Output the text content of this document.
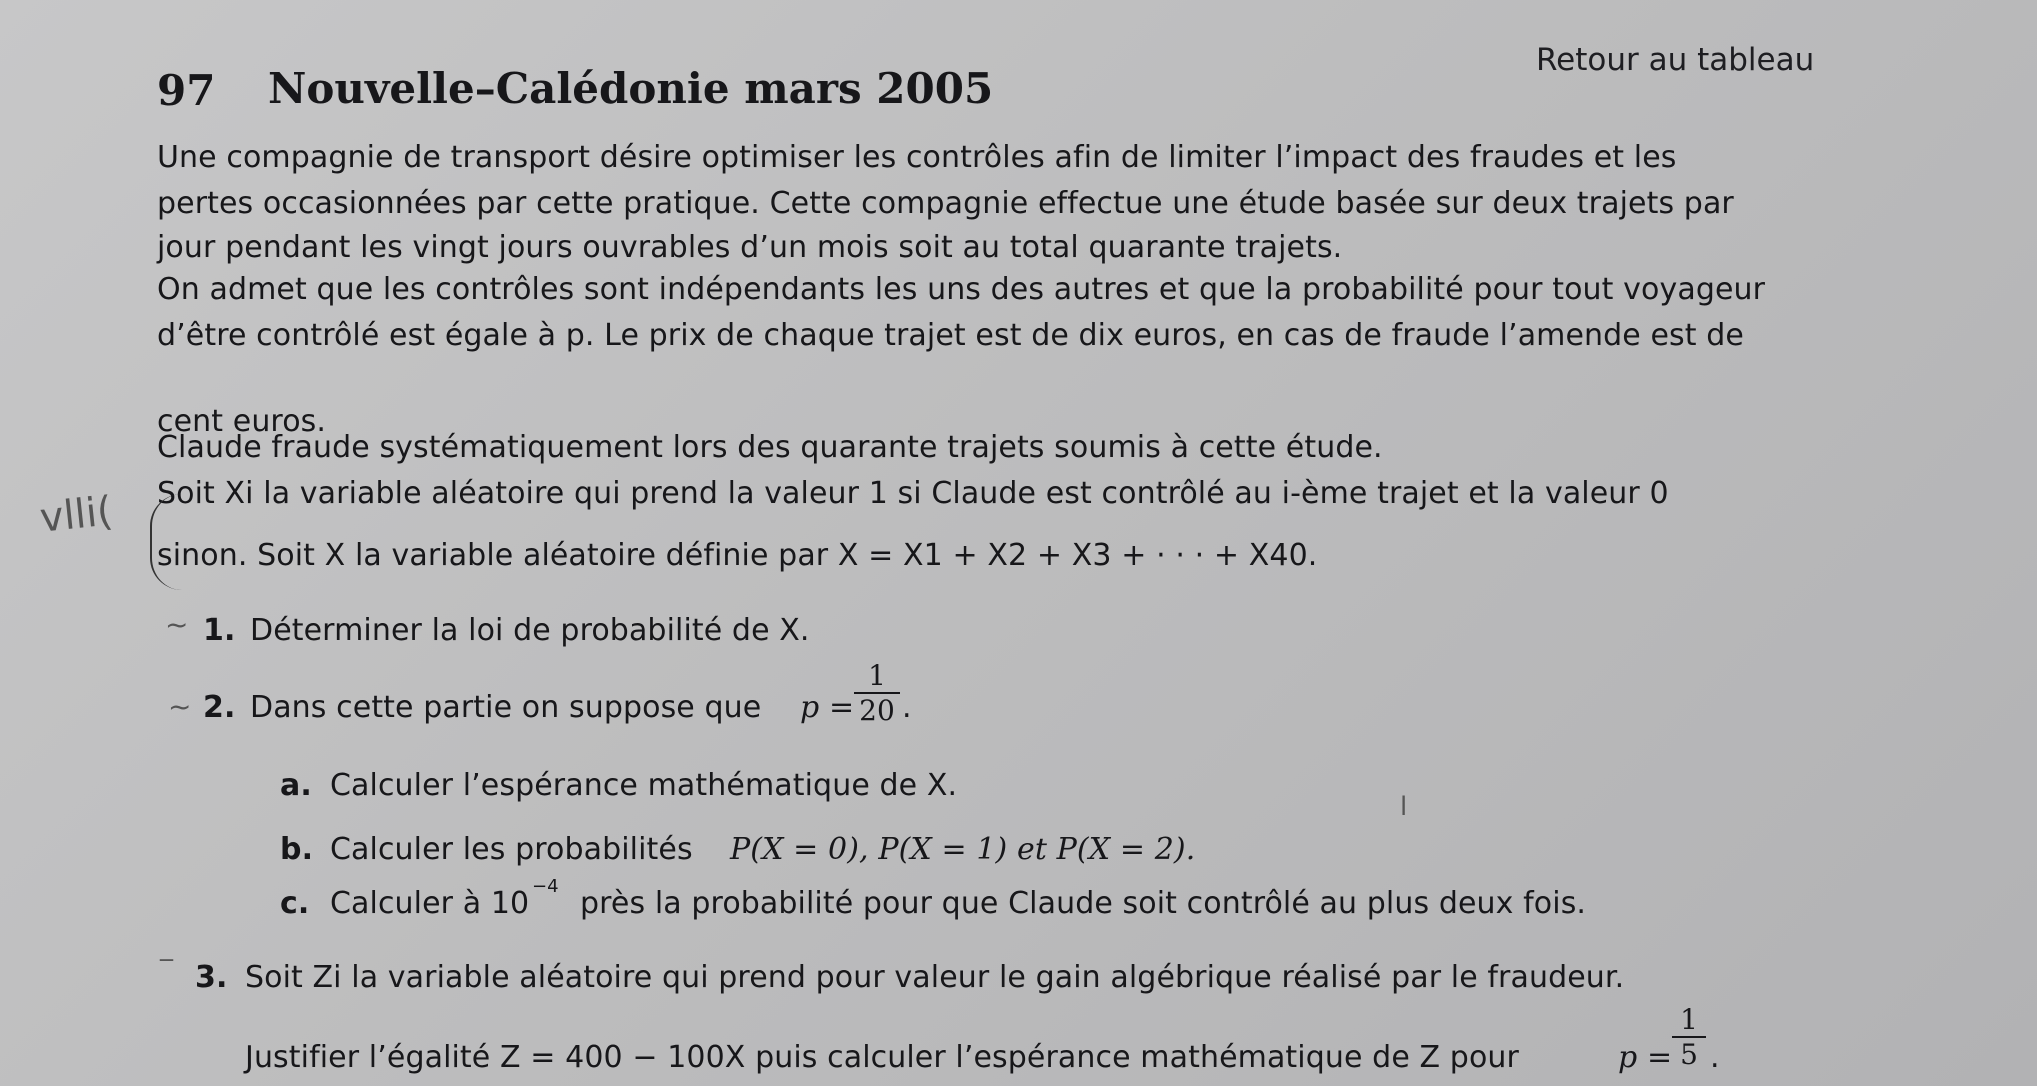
97 Nouvelle–Calédonie mars 2005
Retour au tableau
Une compagnie de transport désire optimiser les contrôles afin de limiter l’impact des fraudes et les
pertes occasionnées par cette pratique. Cette compagnie effectue une étude basée sur deux trajets par
jour pendant les vingt jours ouvrables d’un mois soit au total quarante trajets.
On admet que les contrôles sont indépendants les uns des autres et que la probabilité pour tout voyageur
d’être contrôlé est égale à p. Le prix de chaque trajet est de dix euros, en cas de fraude l’amende est de
cent euros.
Claude fraude systématiquement lors des quarante trajets soumis à cette étude.
Soit Xi la variable aléatoire qui prend la valeur 1 si Claude est contrôlé au i-ème trajet et la valeur 0
sinon. Soit X la variable aléatoire définie par X = X1 + X2 + X3 + · · · + X40.
vlli(
~
~
l
‾
1. Déterminer la loi de probabilité de X.
2. Dans cette partie on suppose que p =
1
20 .
a. Calculer l’espérance mathématique de X.
b. Calculer les probabilités P(X = 0), P(X = 1) et P(X = 2).
c. Calculer à 10 −4 près la probabilité pour que Claude soit contrôlé au plus deux fois.
3. Soit Zi la variable aléatoire qui prend pour valeur le gain algébrique réalisé par le fraudeur.
Justifier l’égalité Z = 400 − 100X puis calculer l’espérance mathématique de Z pour	p =
1
5 .
